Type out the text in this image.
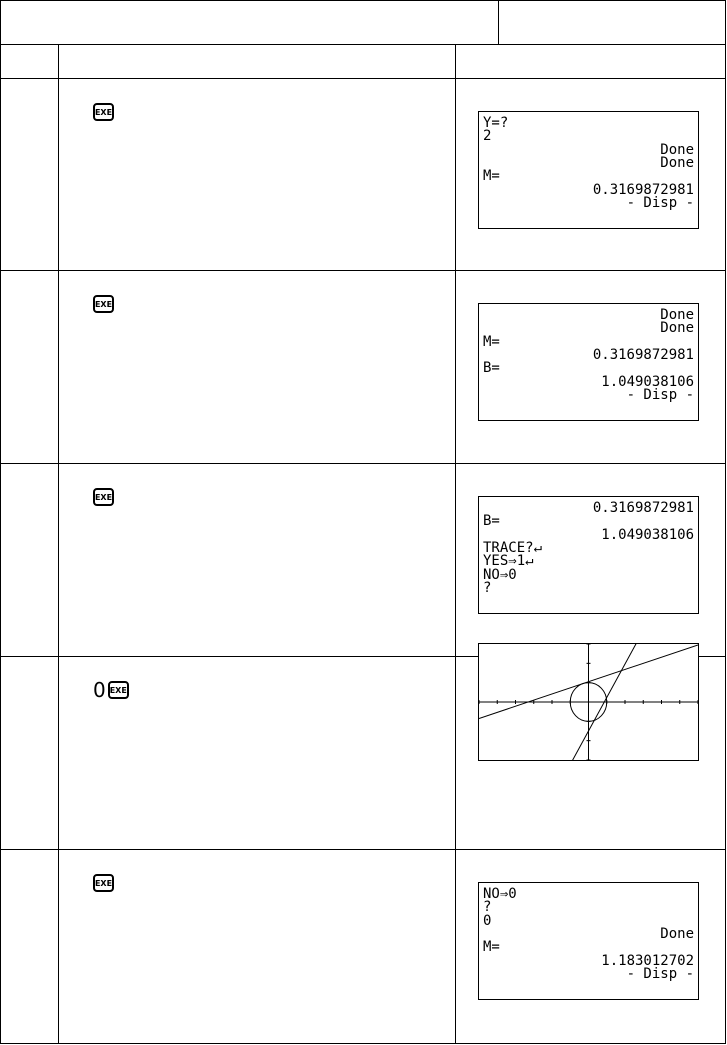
EXE
Y=?
2
Done
Done
M=
0.3169872981
- Disp -
EXE
Done
Done
M=
0.3169872981
B=
1.049038106
- Disp -
EXE
0.3169872981
B=
1.049038106
TRACE?↵
YES⇒1↵
NO⇒0
?
0 EXE
EXE
NO⇒0
?
0
Done
M=
1.183012702
- Disp -
